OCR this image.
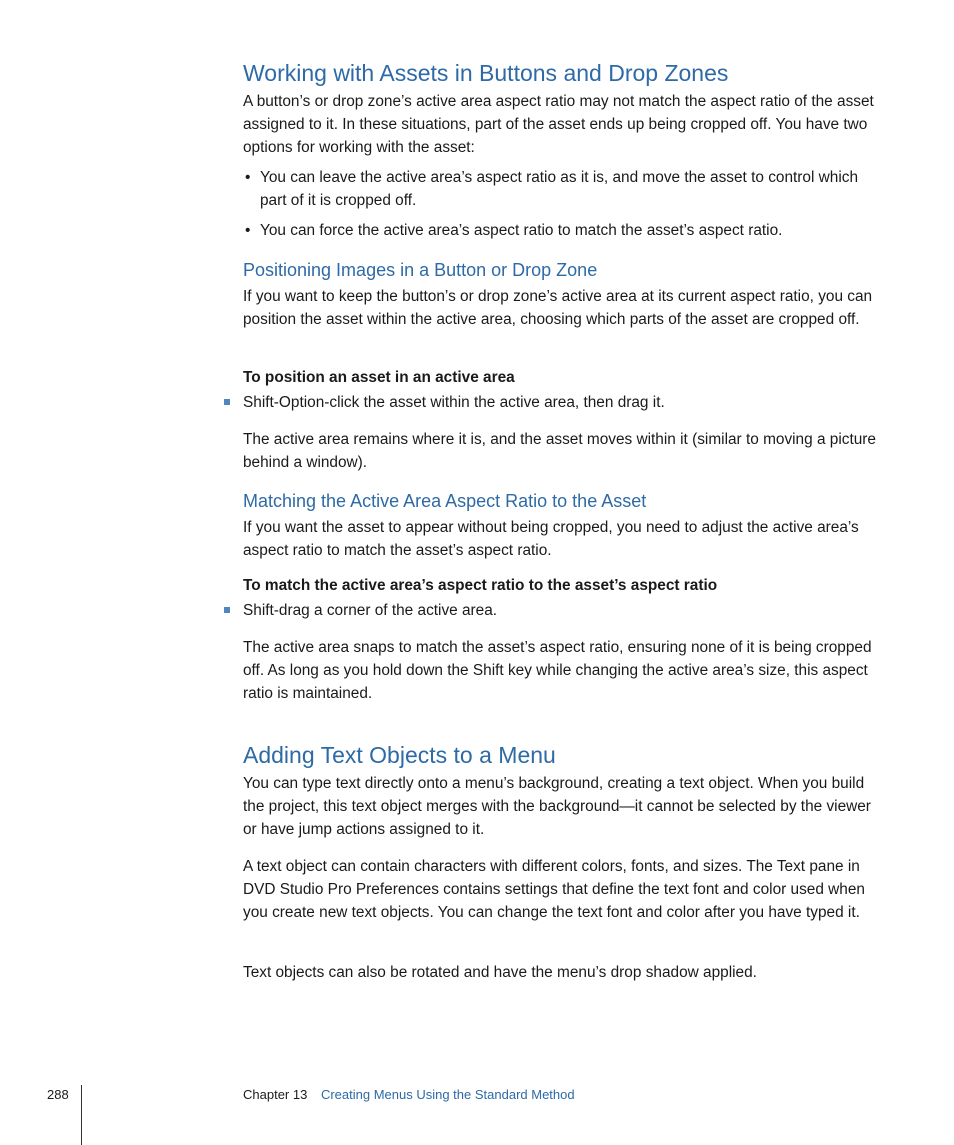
Working with Assets in Buttons and Drop Zones

A button’s or drop zone’s active area aspect ratio may not match the aspect ratio of the asset assigned to it. In these situations, part of the asset ends up being cropped off. You have two options for working with the asset:

• You can leave the active area’s aspect ratio as it is, and move the asset to control which part of it is cropped off.
• You can force the active area’s aspect ratio to match the asset’s aspect ratio.
Positioning Images in a Button or Drop Zone

If you want to keep the button’s or drop zone’s active area at its current aspect ratio, you can position the asset within the active area, choosing which parts of the asset are cropped off.

To position an asset in an active area
Shift-Option-click the asset within the active area, then drag it.

The active area remains where it is, and the asset moves within it (similar to moving a picture behind a window).

Matching the Active Area Aspect Ratio to the Asset

If you want the asset to appear without being cropped, you need to adjust the active area’s aspect ratio to match the asset’s aspect ratio.

To match the active area’s aspect ratio to the asset’s aspect ratio
Shift-drag a corner of the active area.

The active area snaps to match the asset’s aspect ratio, ensuring none of it is being cropped off. As long as you hold down the Shift key while changing the active area’s size, this aspect ratio is maintained.

Adding Text Objects to a Menu

You can type text directly onto a menu’s background, creating a text object. When you build the project, this text object merges with the background—it cannot be selected by the viewer or have jump actions assigned to it.

A text object can contain characters with different colors, fonts, and sizes. The Text pane in DVD Studio Pro Preferences contains settings that define the text font and color used when you create new text objects. You can change the text font and color after you have typed it.

Text objects can also be rotated and have the menu’s drop shadow applied.

288	Chapter 13 Creating Menus Using the Standard Method
